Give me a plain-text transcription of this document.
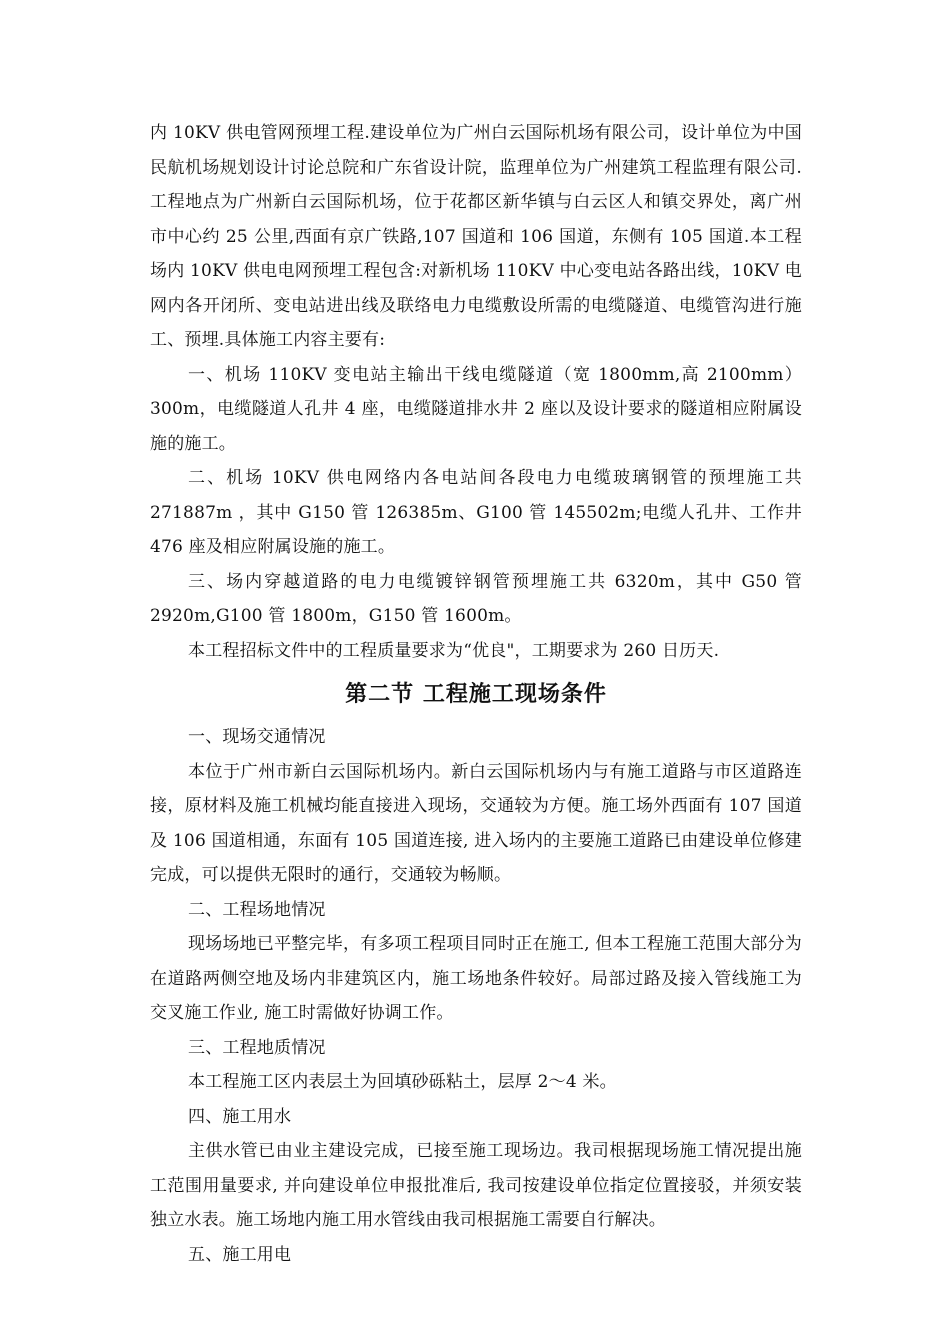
内 10KV 供电管网预埋工程.建设单位为广州白云国际机场有限公司，设计单位为中国民航机场规划设计讨论总院和广东省设计院，监理单位为广州建筑工程监理有限公司.工程地点为广州新白云国际机场，位于花都区新华镇与白云区人和镇交界处，离广州市中心约 25 公里,西面有京广铁路,107 国道和 106 国道，东侧有 105 国道.本工程场内 10KV 供电电网预埋工程包含:对新机场 110KV 中心变电站各路出线，10KV 电网内各开闭所、变电站进出线及联络电力电缆敷设所需的电缆隧道、电缆管沟进行施工、预埋.具体施工内容主要有:

一、机场 110KV 变电站主输出干线电缆隧道（宽 1800mm,高 2100mm）300m，电缆隧道人孔井 4 座，电缆隧道排水井 2 座以及设计要求的隧道相应附属设施的施工。

二、机场 10KV 供电网络内各电站间各段电力电缆玻璃钢管的预埋施工共 271887m ，其中 G150 管 126385m、G100 管 145502m;电缆人孔井、工作井 476 座及相应附属设施的施工。

三、场内穿越道路的电力电缆镀锌钢管预埋施工共 6320m，其中 G50 管 2920m,G100 管 1800m，G150 管 1600m。

本工程招标文件中的工程质量要求为“优良"，工期要求为 260 日历天.

第二节 工程施工现场条件

一、现场交通情况

本位于广州市新白云国际机场内。新白云国际机场内与有施工道路与市区道路连接，原材料及施工机械均能直接进入现场，交通较为方便。施工场外西面有 107 国道及 106 国道相通，东面有 105 国道连接, 进入场内的主要施工道路已由建设单位修建完成，可以提供无限时的通行，交通较为畅顺。

二、工程场地情况

现场场地已平整完毕，有多项工程项目同时正在施工, 但本工程施工范围大部分为在道路两侧空地及场内非建筑区内，施工场地条件较好。局部过路及接入管线施工为交叉施工作业, 施工时需做好协调工作。

三、工程地质情况

本工程施工区内表层土为回填砂砾粘土，层厚 2～4 米。

四、施工用水

主供水管已由业主建设完成，已接至施工现场边。我司根据现场施工情况提出施工范围用量要求, 并向建设单位申报批准后, 我司按建设单位指定位置接驳，并须安装独立水表。施工场地内施工用水管线由我司根据施工需要自行解决。

五、施工用电
